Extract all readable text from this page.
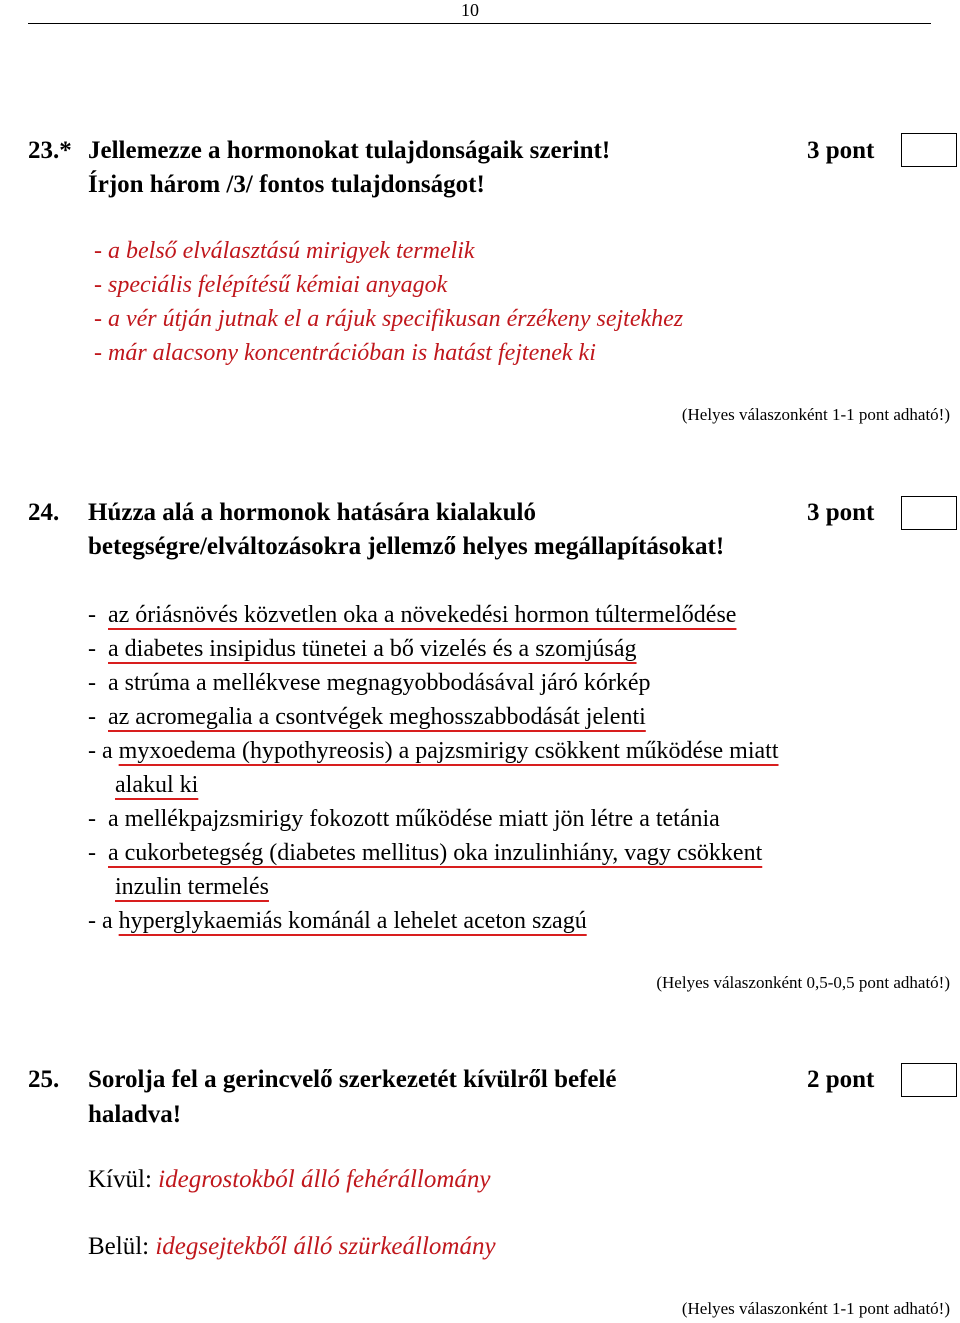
10
23.* Jellemezze a hormonokat tulajdonságaik szerint!
Írjon három /3/ fontos tulajdonságot!
3 pont
- a belső elválasztású mirigyek termelik
- speciális felépítésű kémiai anyagok
- a vér útján jutnak el a rájuk specifikusan érzékeny sejtekhez
- már alacsony koncentrációban is hatást fejtenek ki
(Helyes válaszonként 1-1 pont adható!)
24. Húzza alá a hormonok hatására kialakuló
betegségre/elváltozásokra jellemző helyes megállapításokat!
3 pont
- az óriásnövés közvetlen oka a növekedési hormon túltermelődése
- a diabetes insipidus tünetei a bő vizelés és a szomjúság
- a strúma a mellékvese megnagyobbodásával járó kórkép
- az acromegalia a csontvégek meghosszabbodását jelenti
- a myxoedema (hypothyreosis) a pajzsmirigy csökkent működése miatt
alakul ki
- a mellékpajzsmirigy fokozott működése miatt jön létre a tetánia
- a cukorbetegség (diabetes mellitus) oka inzulinhiány, vagy csökkent
inzulin termelés
- a hyperglykaemiás kománál a lehelet aceton szagú
(Helyes válaszonként 0,5-0,5 pont adható!)
25. Sorolja fel a gerincvelő szerkezetét kívülről befelé
haladva!
2 pont
Kívül: idegrostokból álló fehérállomány
Belül: idegsejtekből álló szürkeállomány
(Helyes válaszonként 1-1 pont adható!)
